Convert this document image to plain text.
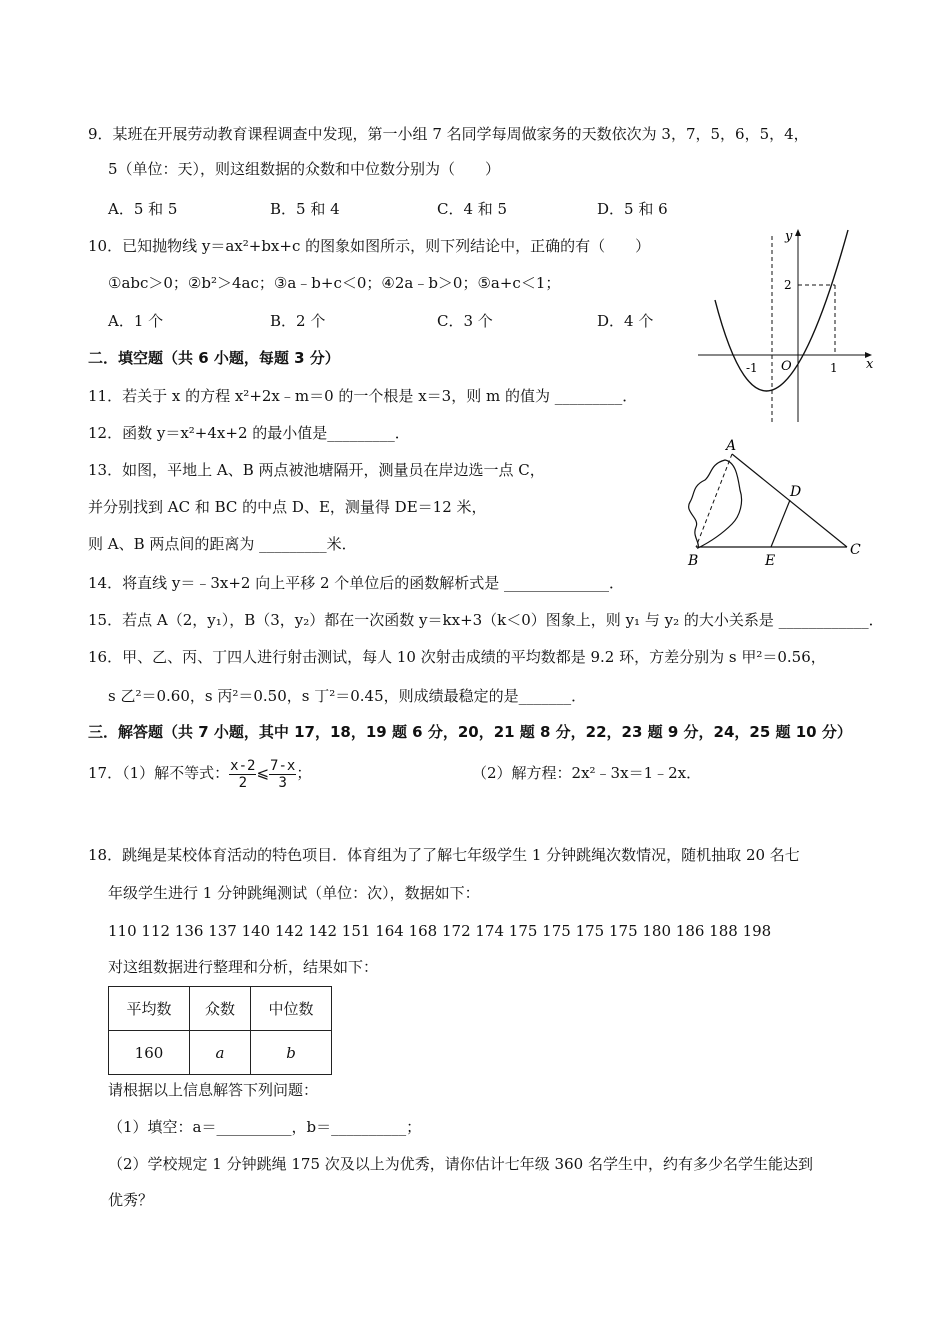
9．某班在开展劳动教育课程调查中发现，第一小组 7 名同学每周做家务的天数依次为 3，7，5，6，5，4，
5（单位：天），则这组数据的众数和中位数分别为（　　）
A．5 和 5	B．5 和 4	C．4 和 5	D．5 和 6
10．已知抛物线 y＝ax²+bx+c 的图象如图所示，则下列结论中，正确的有（　　）
①abc＞0；②b²＞4ac；③a﹣b+c＜0；④2a﹣b＞0；⑤a+c＜1；
A．1 个	B．2 个	C．3 个	D．4 个
y
x
O
-1	1
2
二．填空题（共 6 小题，每题 3 分）
11．若关于 x 的方程 x²+2x﹣m＝0 的一个根是 x＝3，则 m 的值为 _________．
12．函数 y＝x²+4x+2 的最小值是_________．
13．如图，平地上 A、B 两点被池塘隔开，测量员在岸边选一点 C，
并分别找到 AC 和 BC 的中点 D、E，测量得 DE＝12 米，
则 A、B 两点间的距离为 _________米．
A
B
C
D
E
14．将直线 y＝﹣3x+2 向上平移 2 个单位后的函数解析式是 ______________．
15．若点 A（2，y₁），B（3，y₂）都在一次函数 y＝kx+3（k＜0）图象上，则 y₁ 与 y₂ 的大小关系是 ____________．
16．甲、乙、丙、丁四人进行射击测试，每人 10 次射击成绩的平均数都是 9.2 环，方差分别为 s 甲²＝0.56，
s 乙²＝0.60，s 丙²＝0.50，s 丁²＝0.45，则成绩最稳定的是_______．
三．解答题（共 7 小题，其中 17，18，19 题 6 分，20，21 题 8 分，22，23 题 9 分，24，25 题 10 分）
17．（1）解不等式： $\frac{x-2}{2}$ ⩽ $\frac{7-x}{3}$ ；	（2）解方程：2x²﹣3x＝1﹣2x．
18．跳绳是某校体育活动的特色项目．体育组为了了解七年级学生 1 分钟跳绳次数情况，随机抽取 20 名七
年级学生进行 1 分钟跳绳测试（单位：次），数据如下：
110 112 136 137 140 142 142 151 164 168 172 174 175 175 175 175 180 186 188 198
对这组数据进行整理和分析，结果如下：
平均数	众数	中位数
160	a	b
请根据以上信息解答下列问题：
（1）填空：a＝__________，b＝__________；
（2）学校规定 1 分钟跳绳 175 次及以上为优秀，请你估计七年级 360 名学生中，约有多少名学生能达到
优秀？
